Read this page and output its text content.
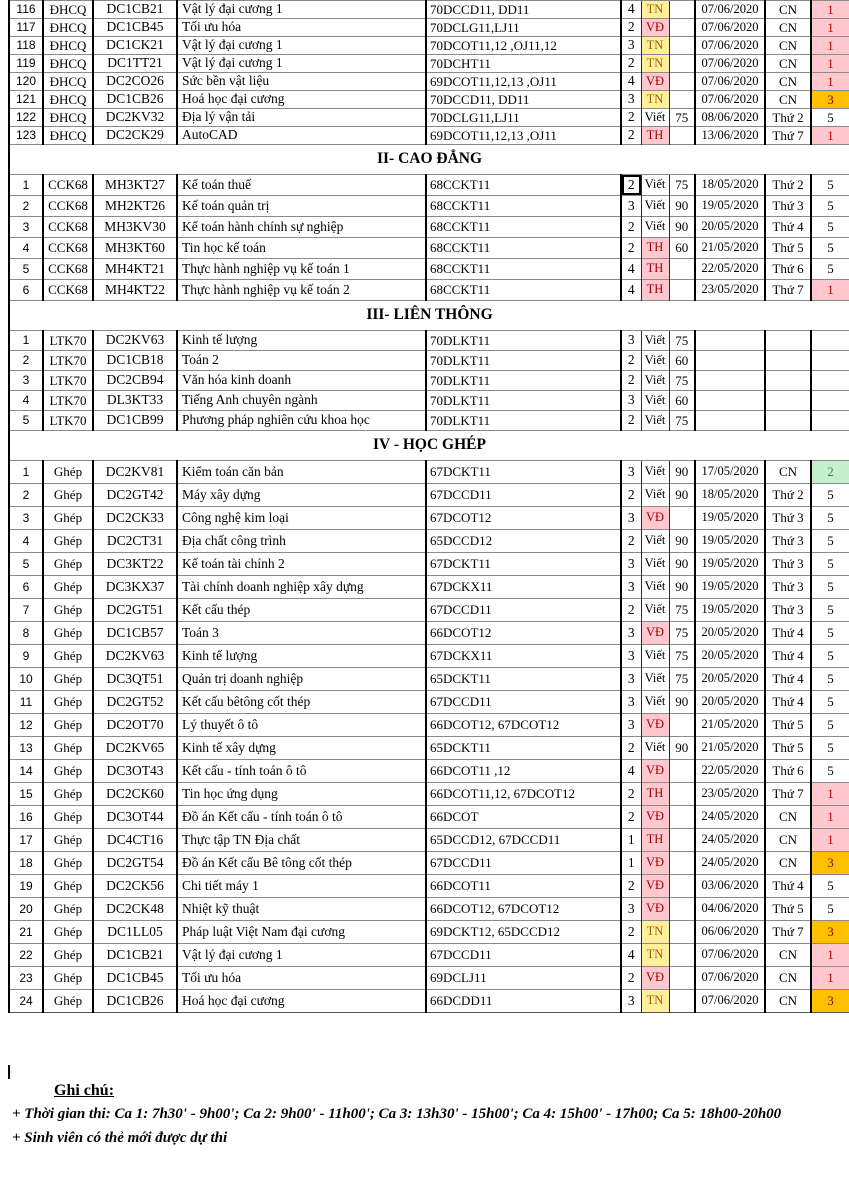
116	ĐHCQ	DC1CB21	Vật lý đại cương 1	70DCCD11, DD11	4	TN		07/06/2020	CN	1
117	ĐHCQ	DC1CB45	Tối ưu hóa	70DCLG11,LJ11	2	VĐ		07/06/2020	CN	1
118	ĐHCQ	DC1CK21	Vật lý đại cương 1	70DCOT11,12 ,OJ11,12	3	TN		07/06/2020	CN	1
119	ĐHCQ	DC1TT21	Vật lý đại cương 1	70DCHT11	2	TN		07/06/2020	CN	1
120	ĐHCQ	DC2CO26	Sức bền vật liệu	69DCOT11,12,13 ,OJ11	4	VĐ		07/06/2020	CN	1
121	ĐHCQ	DC1CB26	Hoá học đại cương	70DCCD11, DD11	3	TN		07/06/2020	CN	3
122	ĐHCQ	DC2KV32	Địa lý vận tải	70DCLG11,LJ11	2	Viết	75	08/06/2020	Thứ 2	5
123	ĐHCQ	DC2CK29	AutoCAD	69DCOT11,12,13 ,OJ11	2	TH		13/06/2020	Thứ 7	1
II- CAO ĐẲNG										
1	CCK68	MH3KT27	Kế toán thuế	68CCKT11	2	Viết	75	18/05/2020	Thứ 2	5
2	CCK68	MH2KT26	Kế toán quản trị	68CCKT11	3	Viết	90	19/05/2020	Thứ 3	5
3	CCK68	MH3KV30	Kế toán hành chính sự nghiệp	68CCKT11	2	Viết	90	20/05/2020	Thứ 4	5
4	CCK68	MH3KT60	Tin học kế toán	68CCKT11	2	TH	60	21/05/2020	Thứ 5	5
5	CCK68	MH4KT21	Thực hành nghiệp vụ kế toán 1	68CCKT11	4	TH		22/05/2020	Thứ 6	5
6	CCK68	MH4KT22	Thực hành nghiệp vụ kế toán 2	68CCKT11	4	TH		23/05/2020	Thứ 7	1
III- LIÊN THÔNG										
1	LTK70	DC2KV63	Kinh tế lượng	70DLKT11	3	Viết	75			
2	LTK70	DC1CB18	Toán 2	70DLKT11	2	Viết	60			
3	LTK70	DC2CB94	Văn hóa kinh doanh	70DLKT11	2	Viết	75			
4	LTK70	DL3KT33	Tiếng Anh chuyên ngành	70DLKT11	3	Viết	60			
5	LTK70	DC1CB99	Phương pháp nghiên cứu khoa học	70DLKT11	2	Viết	75			
IV - HỌC GHÉP										
1	Ghép	DC2KV81	Kiểm toán căn bản	67DCKT11	3	Viết	90	17/05/2020	CN	2
2	Ghép	DC2GT42	Máy xây dựng	67DCCD11	2	Viết	90	18/05/2020	Thứ 2	5
3	Ghép	DC2CK33	Công nghệ kim loại	67DCOT12	3	VĐ		19/05/2020	Thứ 3	5
4	Ghép	DC2CT31	Địa chất công trình	65DCCD12	2	Viết	90	19/05/2020	Thứ 3	5
5	Ghép	DC3KT22	Kế toán tài chính 2	67DCKT11	3	Viết	90	19/05/2020	Thứ 3	5
6	Ghép	DC3KX37	Tài chính doanh nghiệp xây dựng	67DCKX11	3	Viết	90	19/05/2020	Thứ 3	5
7	Ghép	DC2GT51	Kết cấu thép	67DCCD11	2	Viết	75	19/05/2020	Thứ 3	5
8	Ghép	DC1CB57	Toán 3	66DCOT12	3	VĐ	75	20/05/2020	Thứ 4	5
9	Ghép	DC2KV63	Kinh tế lượng	67DCKX11	3	Viết	75	20/05/2020	Thứ 4	5
10	Ghép	DC3QT51	Quản trị doanh nghiệp	65DCKT11	3	Viết	75	20/05/2020	Thứ 4	5
11	Ghép	DC2GT52	Kết cấu bêtông cốt thép	67DCCD11	3	Viết	90	20/05/2020	Thứ 4	5
12	Ghép	DC2OT70	Lý thuyết ô tô	66DCOT12, 67DCOT12	3	VĐ		21/05/2020	Thứ 5	5
13	Ghép	DC2KV65	Kinh tế xây dựng	65DCKT11	2	Viết	90	21/05/2020	Thứ 5	5
14	Ghép	DC3OT43	Kết cấu - tính toán ô tô	66DCOT11 ,12	4	VĐ		22/05/2020	Thứ 6	5
15	Ghép	DC2CK60	Tin học ứng dụng	66DCOT11,12, 67DCOT12	2	TH		23/05/2020	Thứ 7	1
16	Ghép	DC3OT44	Đồ án Kết cấu - tính toán ô tô	66DCOT	2	VĐ		24/05/2020	CN	1
17	Ghép	DC4CT16	Thực tập TN Địa chất	65DCCD12, 67DCCD11	1	TH		24/05/2020	CN	1
18	Ghép	DC2GT54	Đồ án Kết cấu Bê tông cốt thép	67DCCD11	1	VĐ		24/05/2020	CN	3
19	Ghép	DC2CK56	Chi tiết máy 1	66DCOT11	2	VĐ		03/06/2020	Thứ 4	5
20	Ghép	DC2CK48	Nhiệt kỹ thuật	66DCOT12, 67DCOT12	3	VĐ		04/06/2020	Thứ 5	5
21	Ghép	DC1LL05	Pháp luật Việt Nam đại cương	69DCKT12, 65DCCD12	2	TN		06/06/2020	Thứ 7	3
22	Ghép	DC1CB21	Vật lý đại cương 1	67DCCD11	4	TN		07/06/2020	CN	1
23	Ghép	DC1CB45	Tối ưu hóa	69DCLJ11	2	VĐ		07/06/2020	CN	1
24	Ghép	DC1CB26	Hoá học đại cương	66DCDD11	3	TN		07/06/2020	CN	3
Ghi chú:
+ Thời gian thi: Ca 1: 7h30' - 9h00'; Ca 2: 9h00' - 11h00'; Ca 3: 13h30' - 15h00'; Ca 4: 15h00' - 17h00; Ca 5: 18h00-20h00
+ Sinh viên có thẻ mới được dự thi
